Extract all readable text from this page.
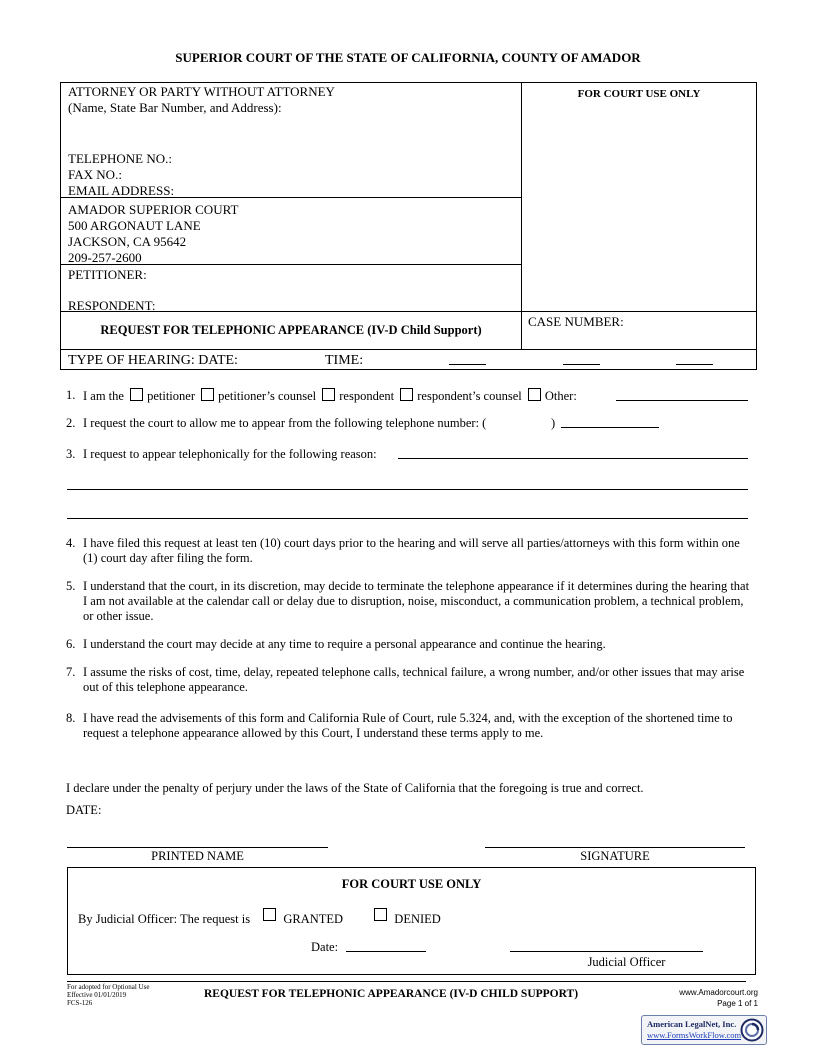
SUPERIOR COURT OF THE STATE OF CALIFORNIA, COUNTY OF AMADOR
ATTORNEY OR PARTY WITHOUT ATTORNEY
(Name, State Bar Number, and Address):
TELEPHONE NO.:
FAX NO.:
EMAIL ADDRESS:
FOR COURT USE ONLY
AMADOR SUPERIOR COURT
500 ARGONAUT LANE
JACKSON, CA 95642
209-257-2600
PETITIONER:
RESPONDENT:
REQUEST FOR TELEPHONIC APPEARANCE (IV-D Child Support)
CASE NUMBER:
TYPE OF HEARING: DATE:	TIME:
1. I am the petitioner petitioner’s counsel respondent respondent’s counsel Other:
2. I request the court to allow me to appear from the following telephone number: (	)
3. I request to appear telephonically for the following reason:
4. I have filed this request at least ten (10) court days prior to the hearing and will serve all parties/attorneys with this form within one (1) court day after filing the form.
5. I understand that the court, in its discretion, may decide to terminate the telephone appearance if it determines during the hearing that I am not available at the calendar call or delay due to disruption, noise, misconduct, a communication problem, a technical problem, or other issue.
6. I understand the court may decide at any time to require a personal appearance and continue the hearing.
7. I assume the risks of cost, time, delay, repeated telephone calls, technical failure, a wrong number, and/or other issues that may arise out of this telephone appearance.
8. I have read the advisements of this form and California Rule of Court, rule 5.324, and, with the exception of the shortened time to request a telephone appearance allowed by this Court, I understand these terms apply to me.
I declare under the penalty of perjury under the laws of the State of California that the foregoing is true and correct.
DATE:
PRINTED NAME	SIGNATURE
FOR COURT USE ONLY
By Judicial Officer: The request is	GRANTED	DENIED
Date:
Judicial Officer
For adopted for Optional Use
Effective 01/01/2019
FCS-126
REQUEST FOR TELEPHONIC APPEARANCE (IV-D CHILD SUPPORT)	www.Amadorcourt.org
Page 1 of 1
American LegalNet, Inc.
www.FormsWorkFlow.com
